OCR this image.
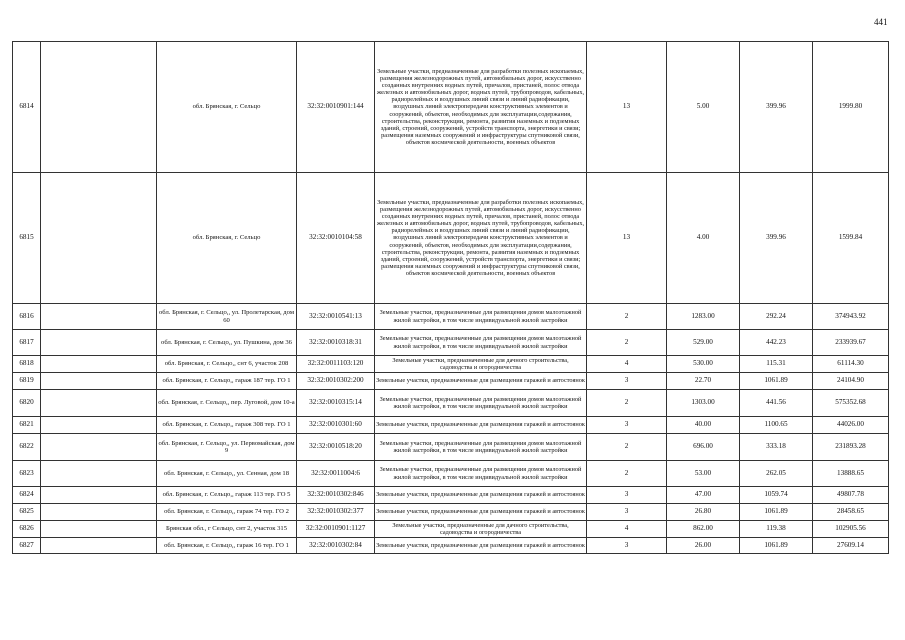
441
6814		обл. Брянская, г. Сельцо	32:32:0010901:144	Земельные участки, предназначенные для разработки полезных ископаемых, размещения железнодорожных путей, автомобильных дорог, искусственно созданных внутренних водных путей, причалов, пристаней, полос отвода железных и автомобильных дорог, водных путей, трубопроводов, кабельных, радиорелейных и воздушных линий связи и линий радиофикации, воздушных линий электропередачи конструктивных элементов и сооружений, объектов, необходимых для эксплуатации,содержания, строительства, реконструкции, ремонта, развития наземных и подземных зданий, строений, сооружений, устройств транспорта, энергетики и связи; размещения наземных сооружений и инфраструктуры спутниковой связи, объектов космической деятельности, военных объектов	13	5.00	399.96	1999.80
6815		обл. Брянская, г. Сельцо	32:32:0010104:58	Земельные участки, предназначенные для разработки полезных ископаемых, размещения железнодорожных путей, автомобильных дорог, искусственно созданных внутренних водных путей, причалов, пристаней, полос отвода железных и автомобильных дорог, водных путей, трубопроводов, кабельных, радиорелейных и воздушных линий связи и линий радиофикации, воздушных линий электропередачи конструктивных элементов и сооружений, объектов, необходимых для эксплуатации,содержания, строительства, реконструкции, ремонта, развития наземных и подземных зданий, строений, сооружений, устройств транспорта, энергетики и связи; размещения наземных сооружений и инфраструктуры спутниковой связи, объектов космической деятельности, военных объектов	13	4.00	399.96	1599.84
6816		обл. Брянская, г. Сельцо,, ул. Пролетарская, дом 60	32:32:0010541:13	Земельные участки, предназначенные для размещения домов малоэтажной жилой застройки, в том числе индивидуальной жилой застройки	2	1283.00	292.24	374943.92
6817		обл. Брянская, г. Сельцо,, ул. Пушкина, дом 36	32:32:0010318:31	Земельные участки, предназначенные для размещения домов малоэтажной жилой застройки, в том числе индивидуальной жилой застройки	2	529.00	442.23	233939.67
6818		обл. Брянская, г. Сельцо,, снт 6, участок 208	32:32:0011103:120	Земельные участки, предназначенные для дачного строительства, садоводства и огородничества	4	530.00	115.31	61114.30
6819		обл. Брянская, г. Сельцо,, гараж 187 тер. ГО 1	32:32:0010302:200	Земельные участки, предназначенные для размещения гаражей и автостоянок	3	22.70	1061.89	24104.90
6820		обл. Брянская, г. Сельцо,, пер. Луговой, дом 10-а	32:32:0010315:14	Земельные участки, предназначенные для размещения домов малоэтажной жилой застройки, в том числе индивидуальной жилой застройки	2	1303.00	441.56	575352.68
6821		обл. Брянская, г. Сельцо,, гараж 308 тер. ГО 1	32:32:0010301:60	Земельные участки, предназначенные для размещения гаражей и автостоянок	3	40.00	1100.65	44026.00
6822		обл. Брянская, г. Сельцо,, ул. Первомайская, дом 9	32:32:0010518:20	Земельные участки, предназначенные для размещения домов малоэтажной жилой застройки, в том числе индивидуальной жилой застройки	2	696.00	333.18	231893.28
6823		обл. Брянская, г. Сельцо,, ул. Сенная, дом 18	32:32:0011004:6	Земельные участки, предназначенные для размещения домов малоэтажной жилой застройки, в том числе индивидуальной жилой застройки	2	53.00	262.05	13888.65
6824		обл. Брянская, г. Сельцо,, гараж 113 тер. ГО 5	32:32:0010302:846	Земельные участки, предназначенные для размещения гаражей и автостоянок	3	47.00	1059.74	49807.78
6825		обл. Брянская, г. Сельцо,, гараж 74 тер. ГО 2	32:32:0010302:377	Земельные участки, предназначенные для размещения гаражей и автостоянок	3	26.80	1061.89	28458.65
6826		Брянская обл., г Сельцо, снт 2, участок 315	32:32:0010901:1127	Земельные участки, предназначенные для дачного строительства, садоводства и огородничества	4	862.00	119.38	102905.56
6827		обл. Брянская, г. Сельцо,, гараж 16 тер. ГО 1	32:32:0010302:84	Земельные участки, предназначенные для размещения гаражей и автостоянок	3	26.00	1061.89	27609.14
